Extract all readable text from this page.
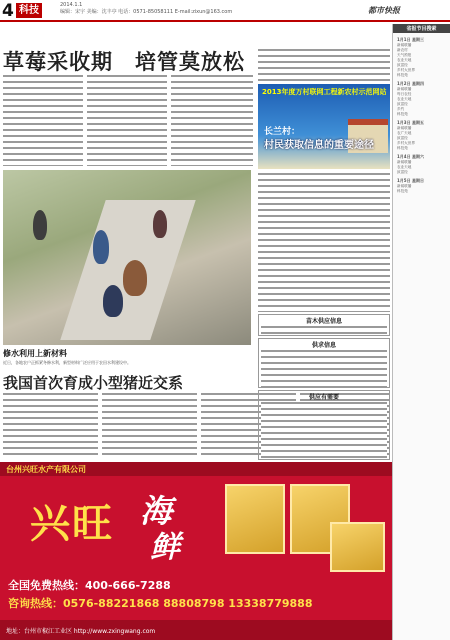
4 科技	2014.1.1
编辑：宋宇 美编：沈丰亭 电话：0571-85058111 E-mail:zixun@163.com	都市快报
草莓采收期　培管莫放松
修水利用上新材料
近日，各地农户正抓紧冬修水利，新型材料广泛应用于农田水利建设中。
我国首次育成小型猪近交系
2013年度万村联网工程新农村示范网站
长兰村：
村民获取信息的重要途径
苗木供应信息
供求信息
供应有需要
省报节目搜索
1月1日 星期三
新闻联播
新农村
天气预报
农业天地
致富经
乡村大世界
科技苑
1月2日 星期四
新闻联播
每日农经
农业天地
致富经
乡约
科技苑
1月3日 星期五
新闻联播
农广天地
致富经
乡村大世界
科技苑
1月4日 星期六
新闻联播
农业天地
致富经
1月5日 星期日
新闻联播
科技苑
台州兴旺水产有限公司
兴旺 海
鲜
全国免费热线：400-666-7288
咨询热线：0576-88221868 88808798 13338779888
地址：台州市椒江工业区 http://www.zxingwang.com
